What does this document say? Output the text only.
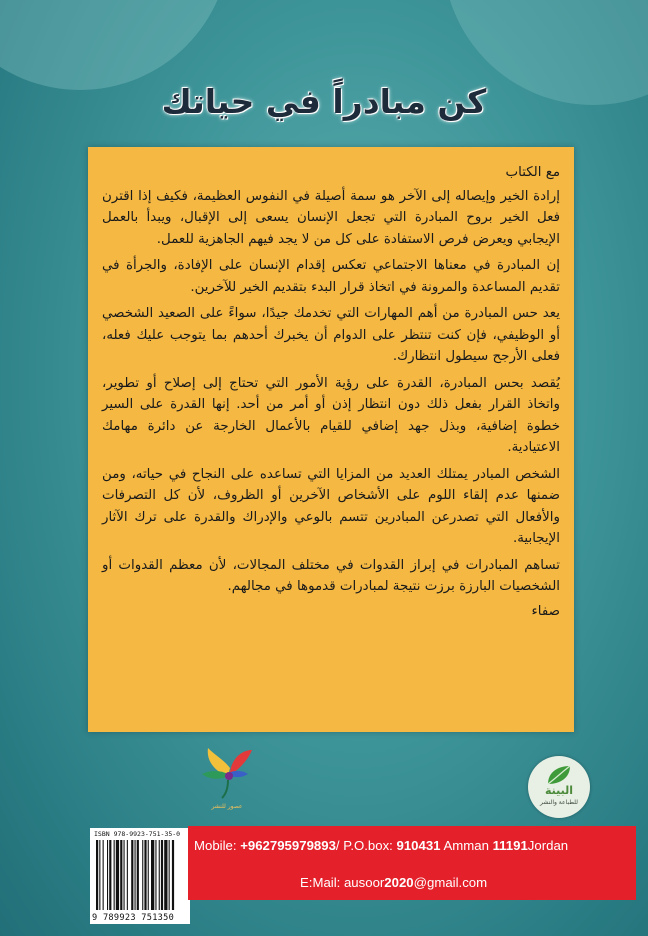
كن مبادراً في حياتك

مع الكتاب

إرادة الخير وإيصاله إلى الآخر هو سمة أصيلة في النفوس العظيمة، فكيف إذا اقترن فعل الخير بروح المبادرة التي تجعل الإنسان يسعى إلى الإقبال، ويبدأ بالعمل الإيجابي ويعرض فرص الاستفادة على كل من لا يجد فيهم الجاهزية للعمل.

إن المبادرة في معناها الاجتماعي تعكس إقدام الإنسان على الإفادة، والجرأة في تقديم المساعدة والمرونة في اتخاذ قرار البدء بتقديم الخير للآخرين.

يعد حس المبادرة من أهم المهارات التي تخدمك جيدًا، سواءً على الصعيد الشخصي أو الوظيفي، فإن كنت تنتظر على الدوام أن يخبرك أحدهم بما يتوجب عليك فعله، فعلى الأرجح سيطول انتظارك.

يُقصد بحس المبادرة، القدرة على رؤية الأمور التي تحتاج إلى إصلاح أو تطوير، واتخاذ القرار بفعل ذلك دون انتظار إذن أو أمر من أحد. إنها القدرة على السير خطوة إضافية، وبذل جهد إضافي للقيام بالأعمال الخارجة عن دائرة مهامك الاعتيادية.

الشخص المبادر يمتلك العديد من المزايا التي تساعده على النجاح في حياته، ومن ضمنها عدم إلقاء اللوم على الأشخاص الآخرين أو الظروف، لأن كل التصرفات والأفعال التي تصدرعن المبادرين تتسم بالوعي والإدراك والقدرة على ترك الآثار الإيجابية.

تساهم المبادرات في إبراز القدوات في مختلف المجالات، لأن معظم القدوات أو الشخصيات البارزة برزت نتيجة لمبادرات قدموها في مجالهم.

صفاء

عصور للنشر
البينة
للطباعة والنشر
ISBN 978-9923-751-35-0
9 789923 751350
Mobile: +962795979893/ P.O.box: 910431 Amman 11191Jordan
E:Mail: ausoor2020@gmail.com
